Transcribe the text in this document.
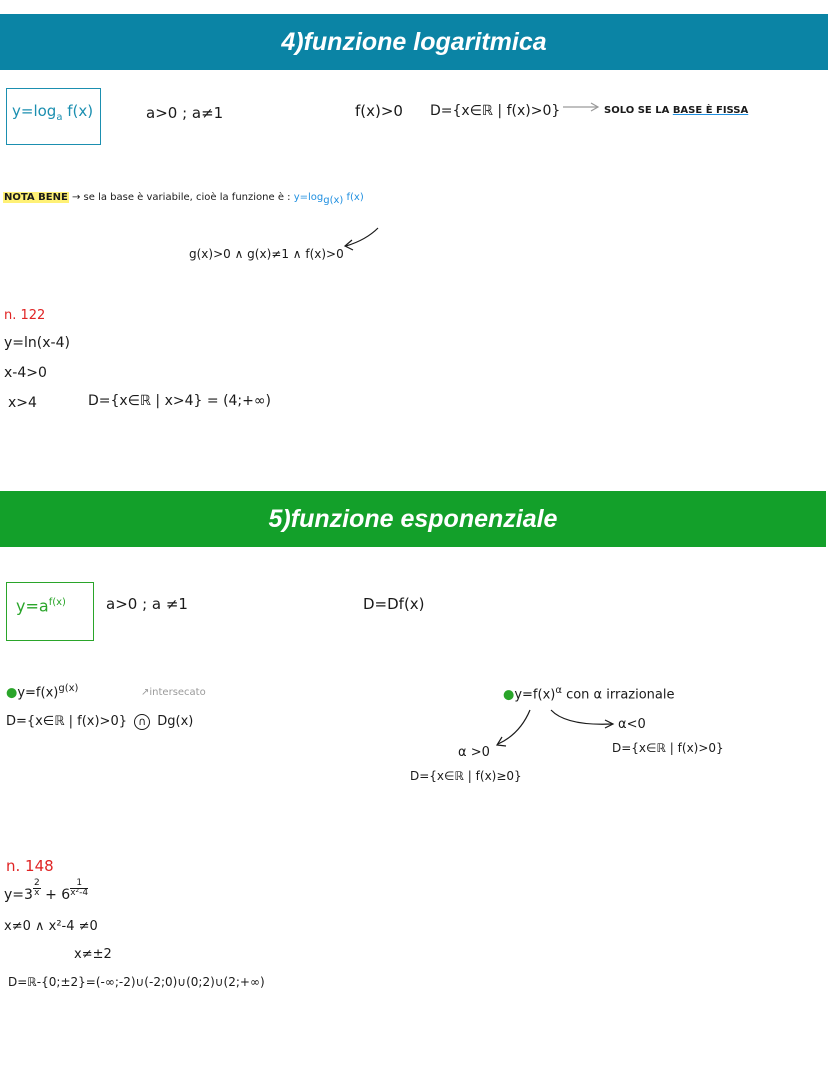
4)funzione logaritmica
$y=\log_a$ f(x)	a>0 ; a≠1	f(x)>0 D={x∈ℝ | f(x)>0}	SOLO SE LA BASE È FISSA
NOTA BENE → se la base è variabile, cioè la funzione è : $y=\log_{g(x)}$ f(x)
g(x)>0 ∧ g(x)≠1 ∧ f(x)>0
n. 122
y=ln(x-4)
x-4>0
x>4	D={x∈ℝ | x>4} = (4;+∞)
5)funzione esponenziale
$y=a^{f(x)}$	a>0 ; a ≠1	D=Df(x)
$●y=f(x)^{g(x)}$	↗intersecato
D={x∈ℝ | f(x)>0} ∩ Dg(x)
$●y=f(x)^\alpha$ con α irrazionale
α >0
D={x∈ℝ | f(x)≥0}
α<0
D={x∈ℝ | f(x)>0}
n. 148
$y=3 \frac{2}{x} + 6 \frac{1}{\text{x²-4}}$
x≠0 ∧ x²-4 ≠0
x≠±2
D=ℝ-{0;±2}=(-∞;-2)∪(-2;0)∪(0;2)∪(2;+∞)
